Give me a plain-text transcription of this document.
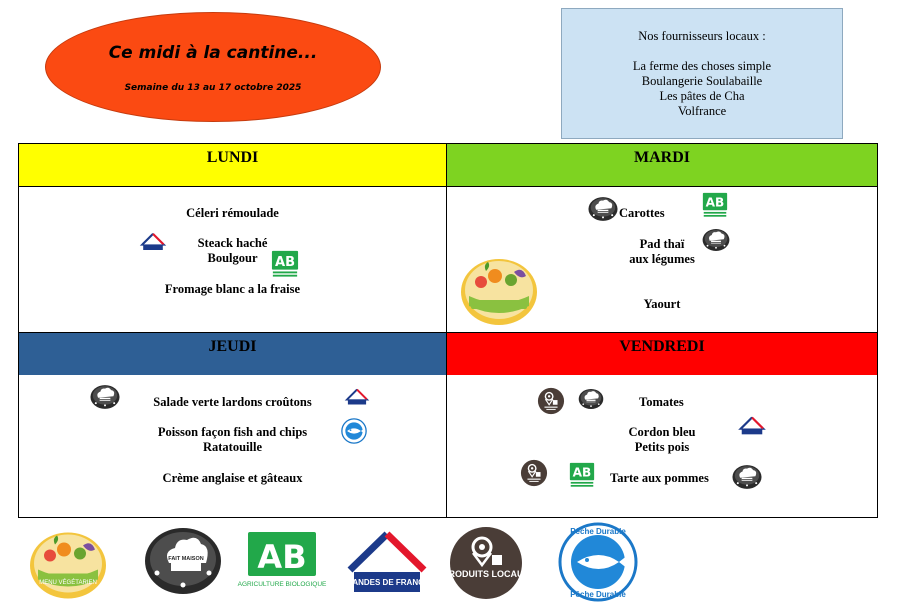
Ce midi à la cantine...
Semaine du 13 au 17 octobre 2025
Nos fournisseurs locaux :
La ferme des choses simple
Boulangerie Soulabaille
Les pâtes de Cha
Volfrance
LUNDI	MARDI
JEUDI	VENDREDI
Céleri rémoulade
Steack haché
Boulgour
Fromage blanc a la fraise
Carottes
Pad thaï
aux légumes
Yaourt
Salade verte lardons croûtons
Poisson façon fish and chips
Ratatouille
Crème anglaise et gâteaux
Tomates
Cordon bleu
Petits pois
Tarte aux pommes
MENU VÉGÉTARIEN
FAIT MAISON AB
AGRICULTURE BIOLOGIQUE VIANDES DE FRANCE
PRODUITS LOCAUX
Pêche Durable
Pêche Durable
